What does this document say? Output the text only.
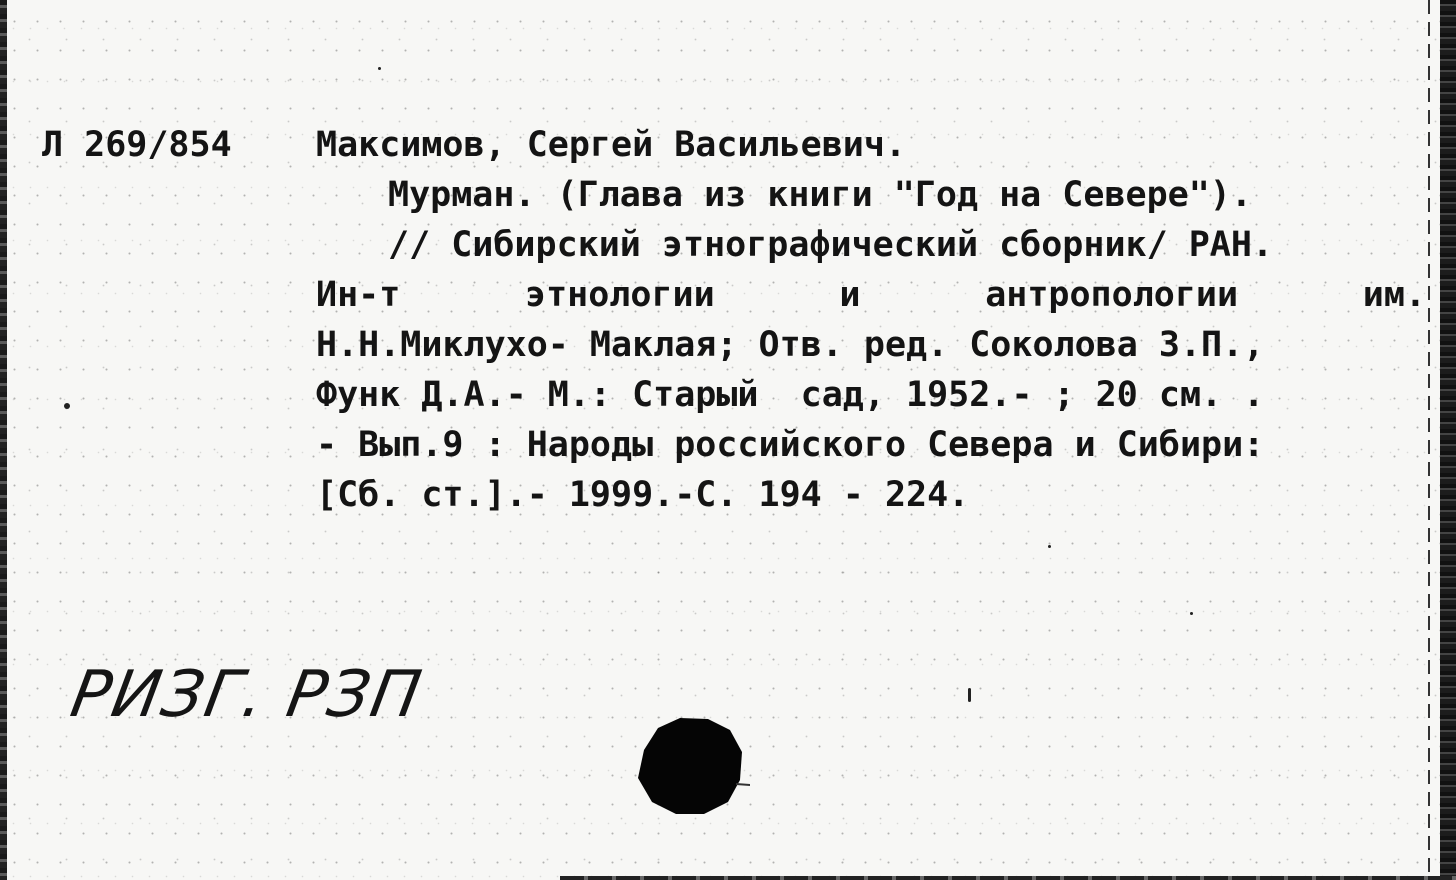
Л 269/854 Максимов, Сергей Васильевич.
Мурман. (Глава из книги "Год на Севере").
// Сибирский этнографический сборник/ РАН.
Ин-т этнологии и антропологии им.
Н.Н.Миклухо- Маклая; Отв. ред. Соколова З.П.,
Функ Д.А.- М.: Старый  сад, 1952.- ; 20 см. .
- Вып.9 : Народы российского Севера и Сибири:
[Сб. ст.].- 1999.-С. 194 - 224.
РИЗГ. РЗП
